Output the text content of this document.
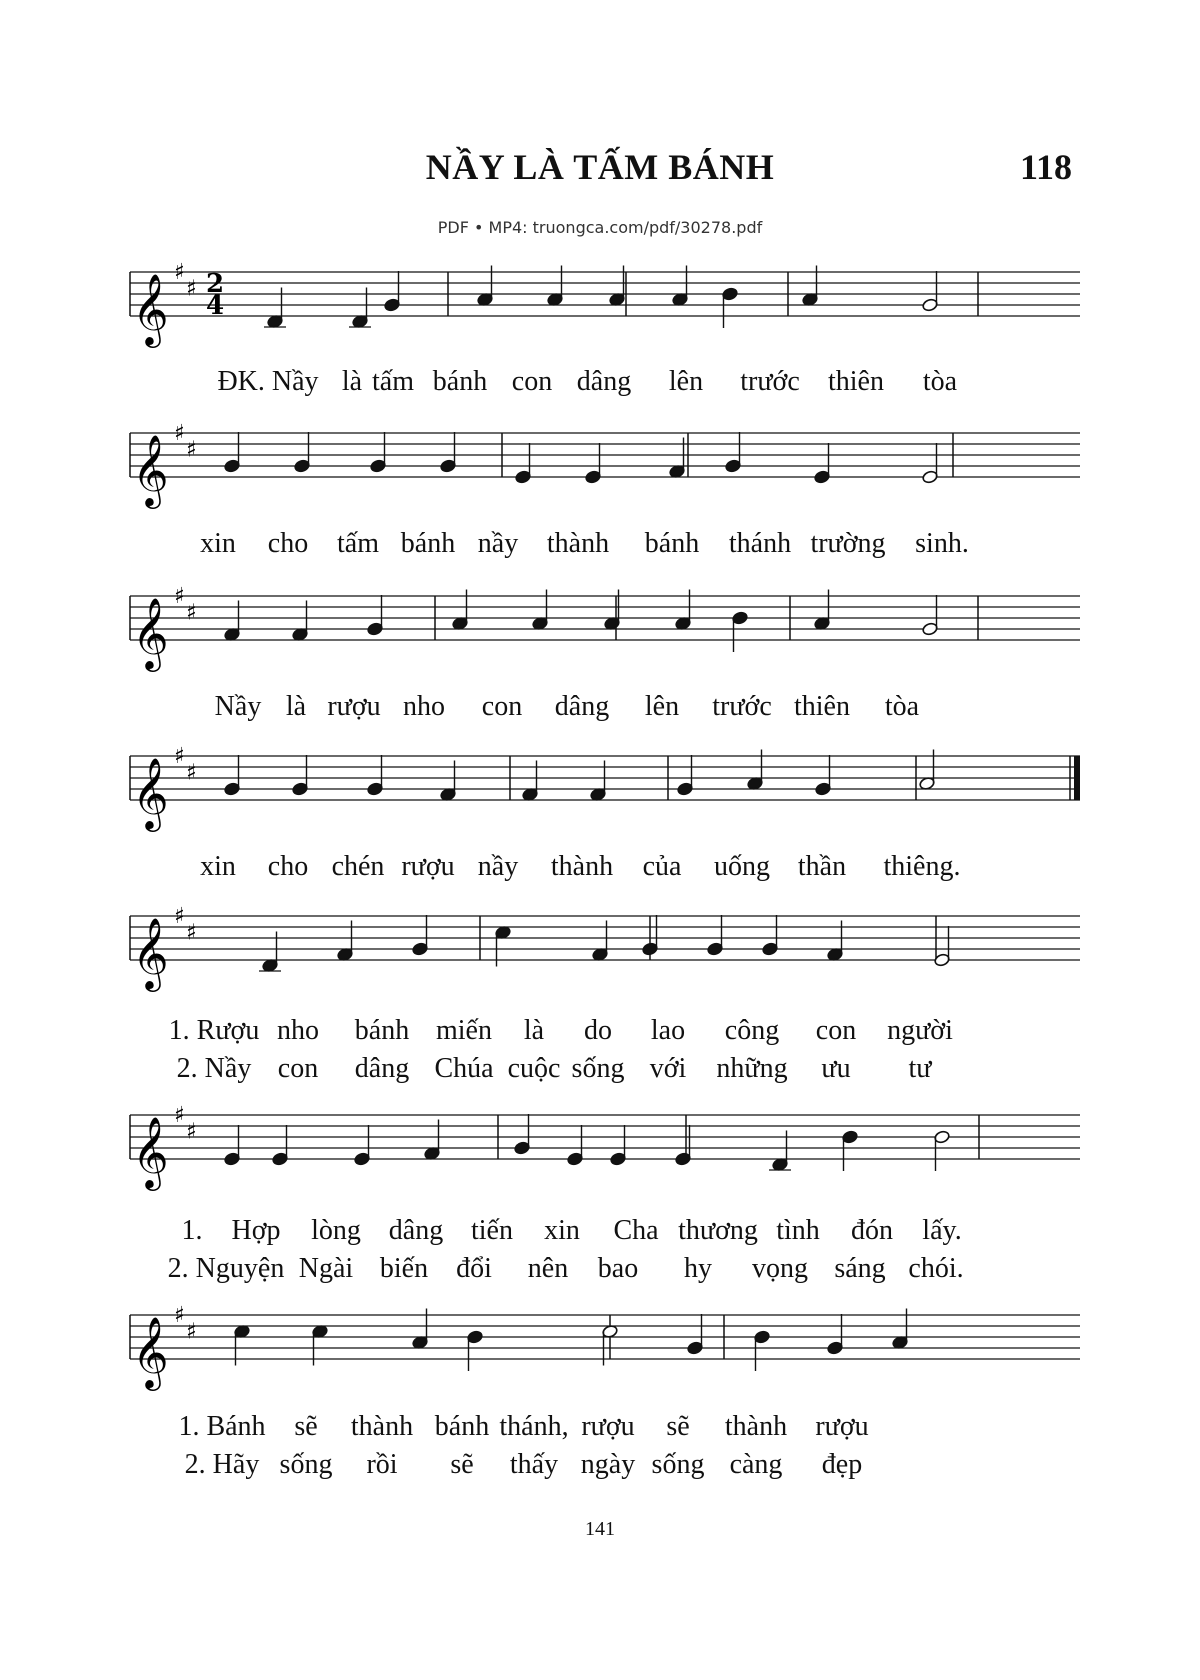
NẦY LÀ TẤM BÁNH	118
PDF • MP4: truongca.com/pdf/30278.pdf
𝄞 ♯
♯ 2
4
ĐK. Nầy là tấm bánh con dâng lên trước thiên tòa
𝄞 ♯
♯
xin cho tấm bánh nầy thành bánh thánh trường sinh.
𝄞 ♯
♯
Nầy là rượu nho con dâng lên trước thiên tòa
𝄞 ♯
♯
xin cho chén rượu nầy thành của uống thần thiêng.
𝄞 ♯
♯
1. Rượu nho bánh miến là do lao công con người
2. Nầy con dâng Chúa cuộc sống với những ưu tư
𝄞 ♯
♯
1. Hợp lòng dâng tiến xin Cha thương tình đón lấy.
2. Nguyện Ngài biến đổi nên bao hy vọng sáng chói.
𝄞 ♯
♯
1. Bánh sẽ thành bánh thánh, rượu sẽ thành rượu
2. Hãy sống rồi sẽ thấy ngày sống càng đẹp
141
